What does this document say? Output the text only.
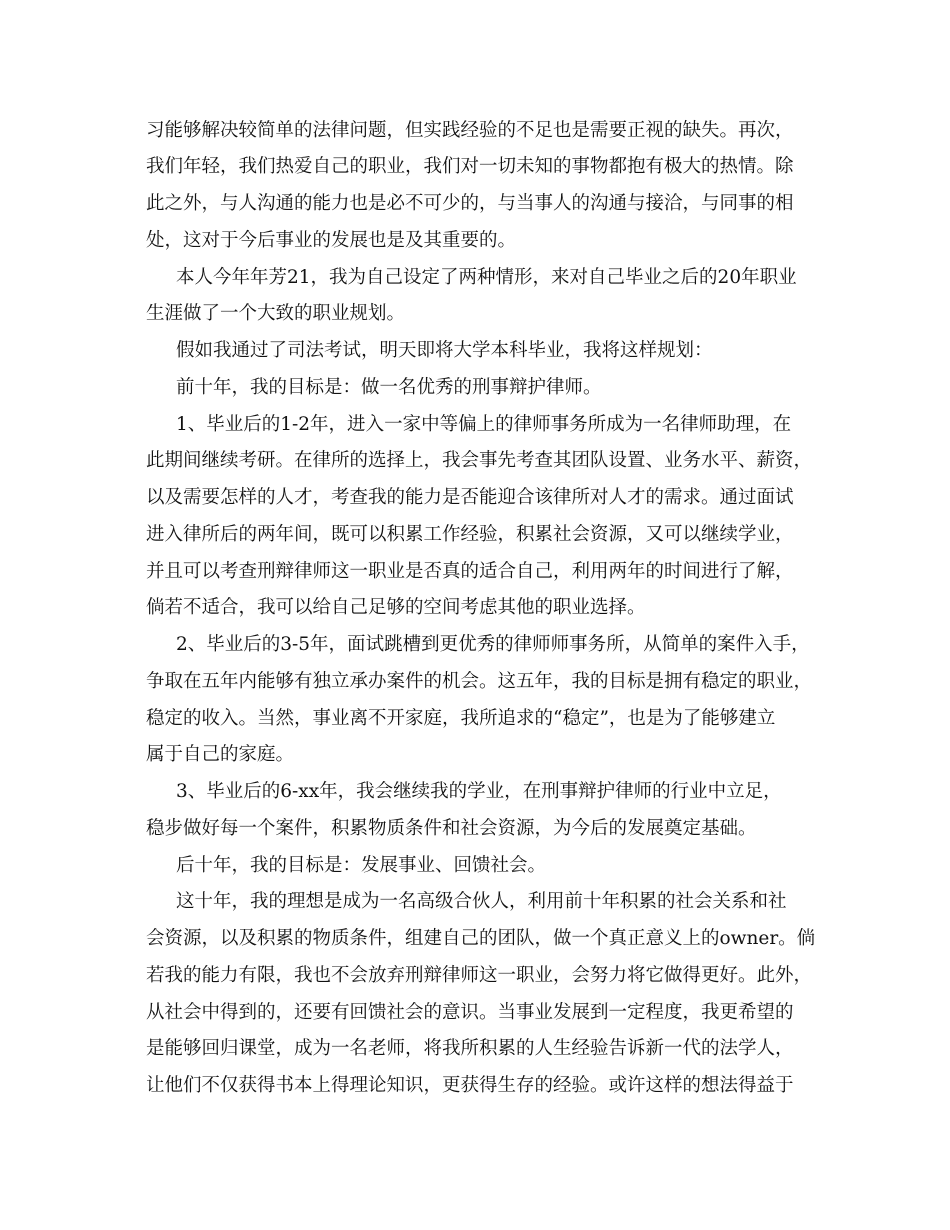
习能够解决较简单的法律问题，但实践经验的不足也是需要正视的缺失。再次，
我们年轻，我们热爱自己的职业，我们对一切未知的事物都抱有极大的热情。除
此之外，与人沟通的能力也是必不可少的，与当事人的沟通与接洽，与同事的相
处，这对于今后事业的发展也是及其重要的。
本人今年年芳21，我为自己设定了两种情形，来对自己毕业之后的20年职业
生涯做了一个大致的职业规划。
假如我通过了司法考试，明天即将大学本科毕业，我将这样规划：
前十年，我的目标是：做一名优秀的刑事辩护律师。
1、毕业后的1-2年，进入一家中等偏上的律师事务所成为一名律师助理，在
此期间继续考研。在律所的选择上，我会事先考查其团队设置、业务水平、薪资，
以及需要怎样的人才，考查我的能力是否能迎合该律所对人才的需求。通过面试
进入律所后的两年间，既可以积累工作经验，积累社会资源，又可以继续学业，
并且可以考查刑辩律师这一职业是否真的适合自己，利用两年的时间进行了解，
倘若不适合，我可以给自己足够的空间考虑其他的职业选择。
2、毕业后的3-5年，面试跳槽到更优秀的律师师事务所，从简单的案件入手，
争取在五年内能够有独立承办案件的机会。这五年，我的目标是拥有稳定的职业，
稳定的收入。当然，事业离不开家庭，我所追求的“稳定”，也是为了能够建立
属于自己的家庭。
3、毕业后的6-xx年，我会继续我的学业，在刑事辩护律师的行业中立足，
稳步做好每一个案件，积累物质条件和社会资源，为今后的发展奠定基础。
后十年，我的目标是：发展事业、回馈社会。
这十年，我的理想是成为一名高级合伙人，利用前十年积累的社会关系和社
会资源，以及积累的物质条件，组建自己的团队，做一个真正意义上的owner。倘
若我的能力有限，我也不会放弃刑辩律师这一职业，会努力将它做得更好。此外，
从社会中得到的，还要有回馈社会的意识。当事业发展到一定程度，我更希望的
是能够回归课堂，成为一名老师，将我所积累的人生经验告诉新一代的法学人，
让他们不仅获得书本上得理论知识，更获得生存的经验。或许这样的想法得益于
